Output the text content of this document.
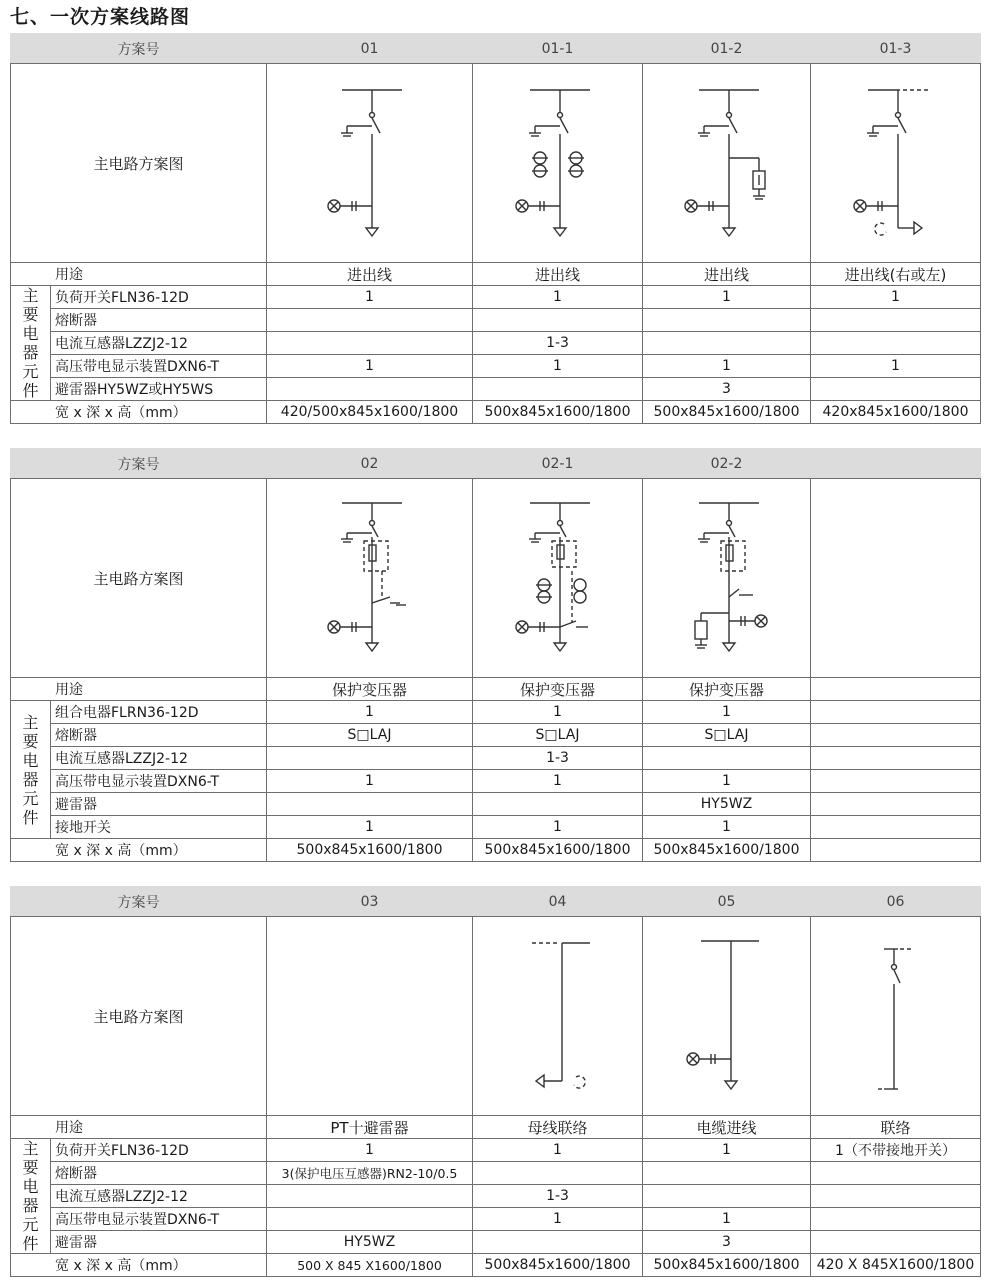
七、一次方案线路图
方案号		01	01-1	01-2	01-3
主电路方案图	

用途		进出线	进出线	进出线	进出线(右或左)
主要电器元件	负荷开关FLN36-12D	1	1	1	1
	熔断器				
	电流互感器LZZJ2-12		1-3		
	高压带电显示装置DXN6-T	1	1	1	1
	避雷器HY5WZ或HY5WS			3	
宽 x 深 x 高（mm）		420/500x845x1600/1800	500x845x1600/1800	500x845x1600/1800	420x845x1600/1800
方案号		02	02-1	02-2	
主电路方案图	

用途		保护变压器	保护变压器	保护变压器	
主要电器元件	组合电器FLRN36-12D	1	1	1	
	熔断器	S□LAJ	S□LAJ	S□LAJ	
	电流互感器LZZJ2-12		1-3		
	高压带电显示装置DXN6-T	1	1	1	
	避雷器			HY5WZ	
	接地开关	1	1	1	
宽 x 深 x 高（mm）		500x845x1600/1800	500x845x1600/1800	500x845x1600/1800	
方案号		03	04	05	06
主电路方案图		

用途		PT十避雷器	母线联络	电缆进线	联络
主要电器元件	负荷开关FLN36-12D	1	1	1	1（不带接地开关）
	熔断器	3(保护电压互感器)RN2-10/0.5			
	电流互感器LZZJ2-12		1-3		
	高压带电显示装置DXN6-T		1	1	
	避雷器	HY5WZ		3	
宽 x 深 x 高（mm）		500 X 845 X1600/1800	500x845x1600/1800	500x845x1600/1800	420 X 845X1600/1800
